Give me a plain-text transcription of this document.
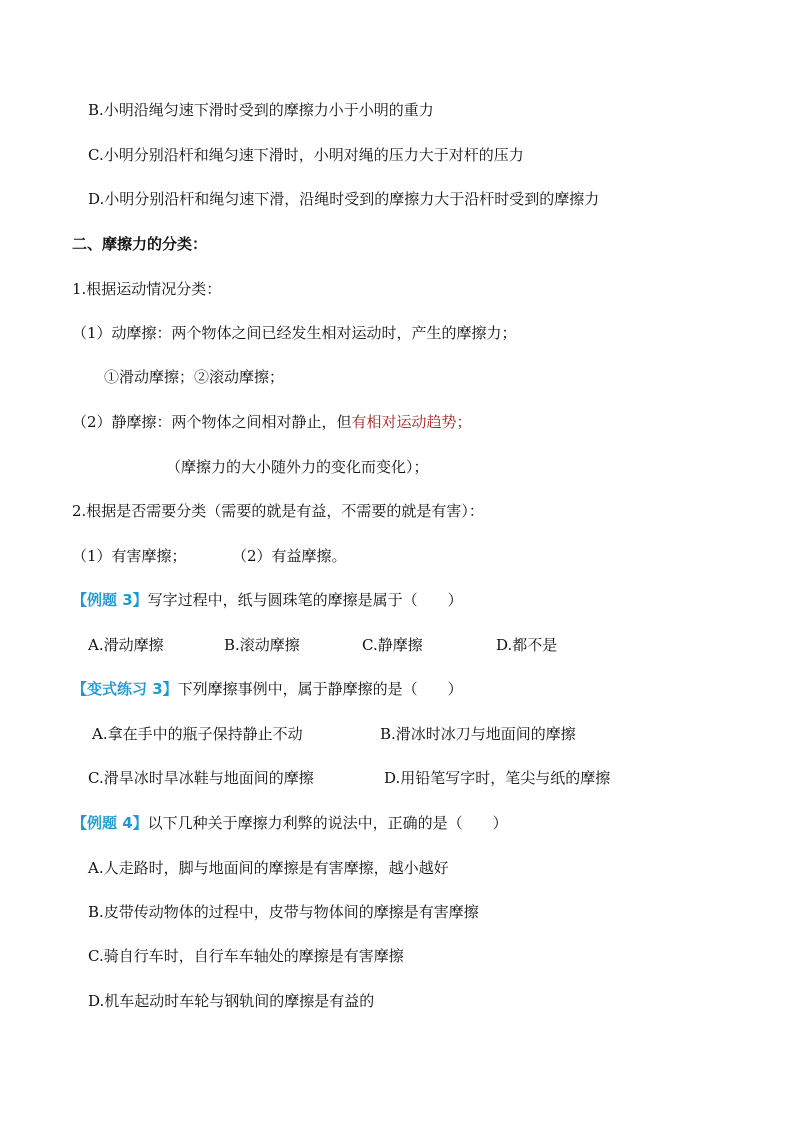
B.小明沿绳匀速下滑时受到的摩擦力小于小明的重力
C.小明分别沿杆和绳匀速下滑时，小明对绳的压力大于对杆的压力
D.小明分别沿杆和绳匀速下滑，沿绳时受到的摩擦力大于沿杆时受到的摩擦力
二、摩擦力的分类：
1.根据运动情况分类：
（1）动摩擦：两个物体之间已经发生相对运动时，产生的摩擦力；
①滑动摩擦；②滚动摩擦；
（2）静摩擦：两个物体之间相对静止，但有相对运动趋势；
（摩擦力的大小随外力的变化而变化）；
2.根据是否需要分类（需要的就是有益，不需要的就是有害）：
（1）有害摩擦；	（2）有益摩擦。
【例题 3】写字过程中，纸与圆珠笔的摩擦是属于（　　）
A.滑动摩擦	B.滚动摩擦	C.静摩擦	D.都不是
【变式练习 3】下列摩擦事例中，属于静摩擦的是（　　）
A.拿在手中的瓶子保持静止不动	B.滑冰时冰刀与地面间的摩擦
C.滑旱冰时旱冰鞋与地面间的摩擦	D.用铅笔写字时，笔尖与纸的摩擦
【例题 4】以下几种关于摩擦力利弊的说法中，正确的是（　　）
A.人走路时，脚与地面间的摩擦是有害摩擦，越小越好
B.皮带传动物体的过程中，皮带与物体间的摩擦是有害摩擦
C.骑自行车时，自行车车轴处的摩擦是有害摩擦
D.机车起动时车轮与钢轨间的摩擦是有益的
